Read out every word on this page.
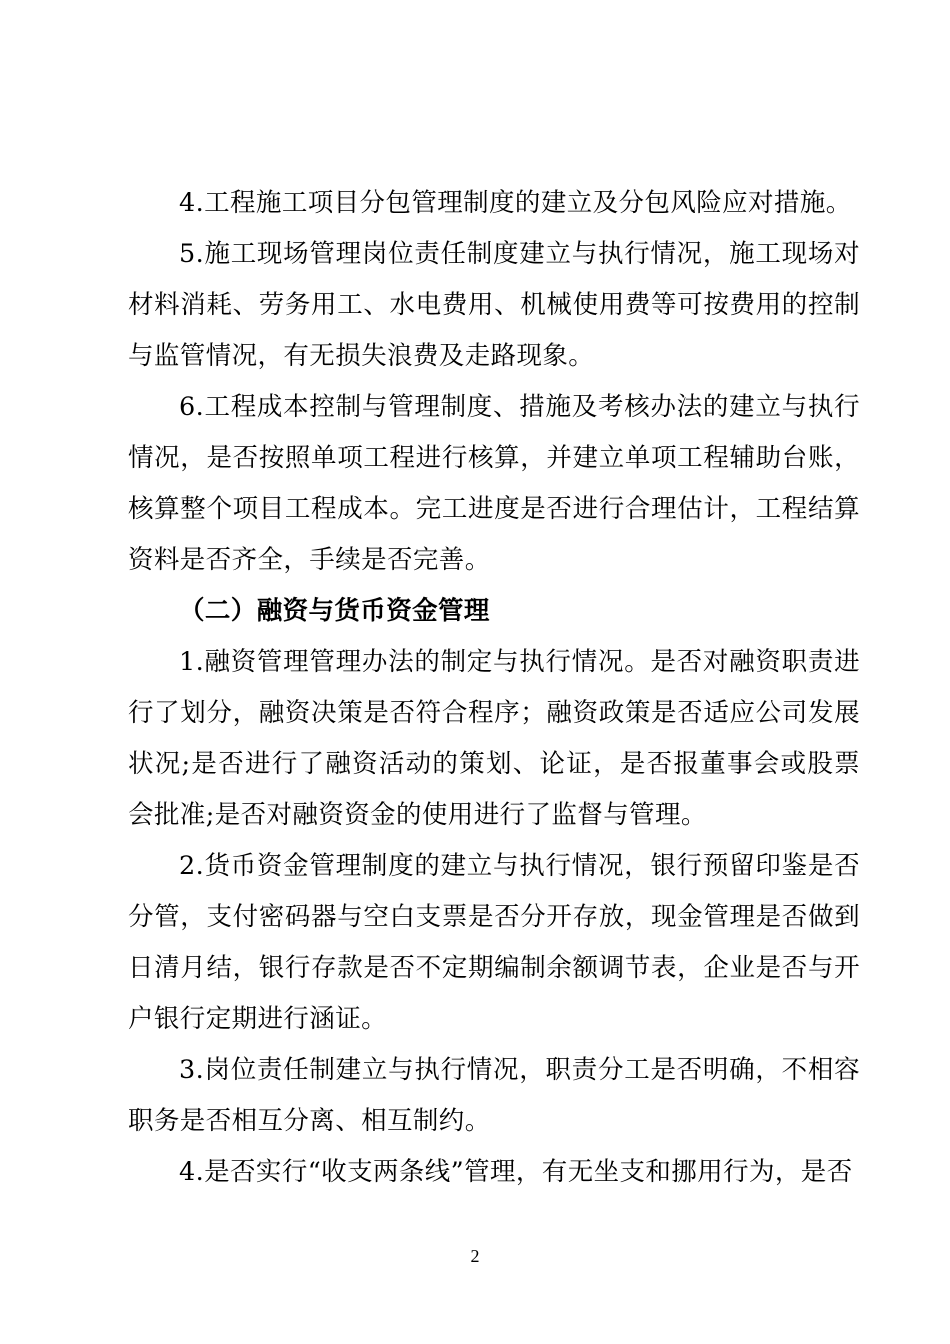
4.工程施工项目分包管理制度的建立及分包风险应对措施。

5.施工现场管理岗位责任制度建立与执行情况，施工现场对材料消耗、劳务用工、水电费用、机械使用费等可按费用的控制与监管情况，有无损失浪费及走路现象。

6.工程成本控制与管理制度、措施及考核办法的建立与执行情况，是否按照单项工程进行核算，并建立单项工程辅助台账，核算整个项目工程成本。完工进度是否进行合理估计，工程结算资料是否齐全，手续是否完善。

（二）融资与货币资金管理

1.融资管理管理办法的制定与执行情况。是否对融资职责进行了划分，融资决策是否符合程序；融资政策是否适应公司发展状况;是否进行了融资活动的策划、论证，是否报董事会或股票会批准;是否对融资资金的使用进行了监督与管理。

2.货币资金管理制度的建立与执行情况，银行预留印鉴是否分管，支付密码器与空白支票是否分开存放，现金管理是否做到日清月结，银行存款是否不定期编制余额调节表，企业是否与开户银行定期进行涵证。

3.岗位责任制建立与执行情况，职责分工是否明确，不相容职务是否相互分离、相互制约。

4.是否实行“收支两条线”管理，有无坐支和挪用行为，是否

2
